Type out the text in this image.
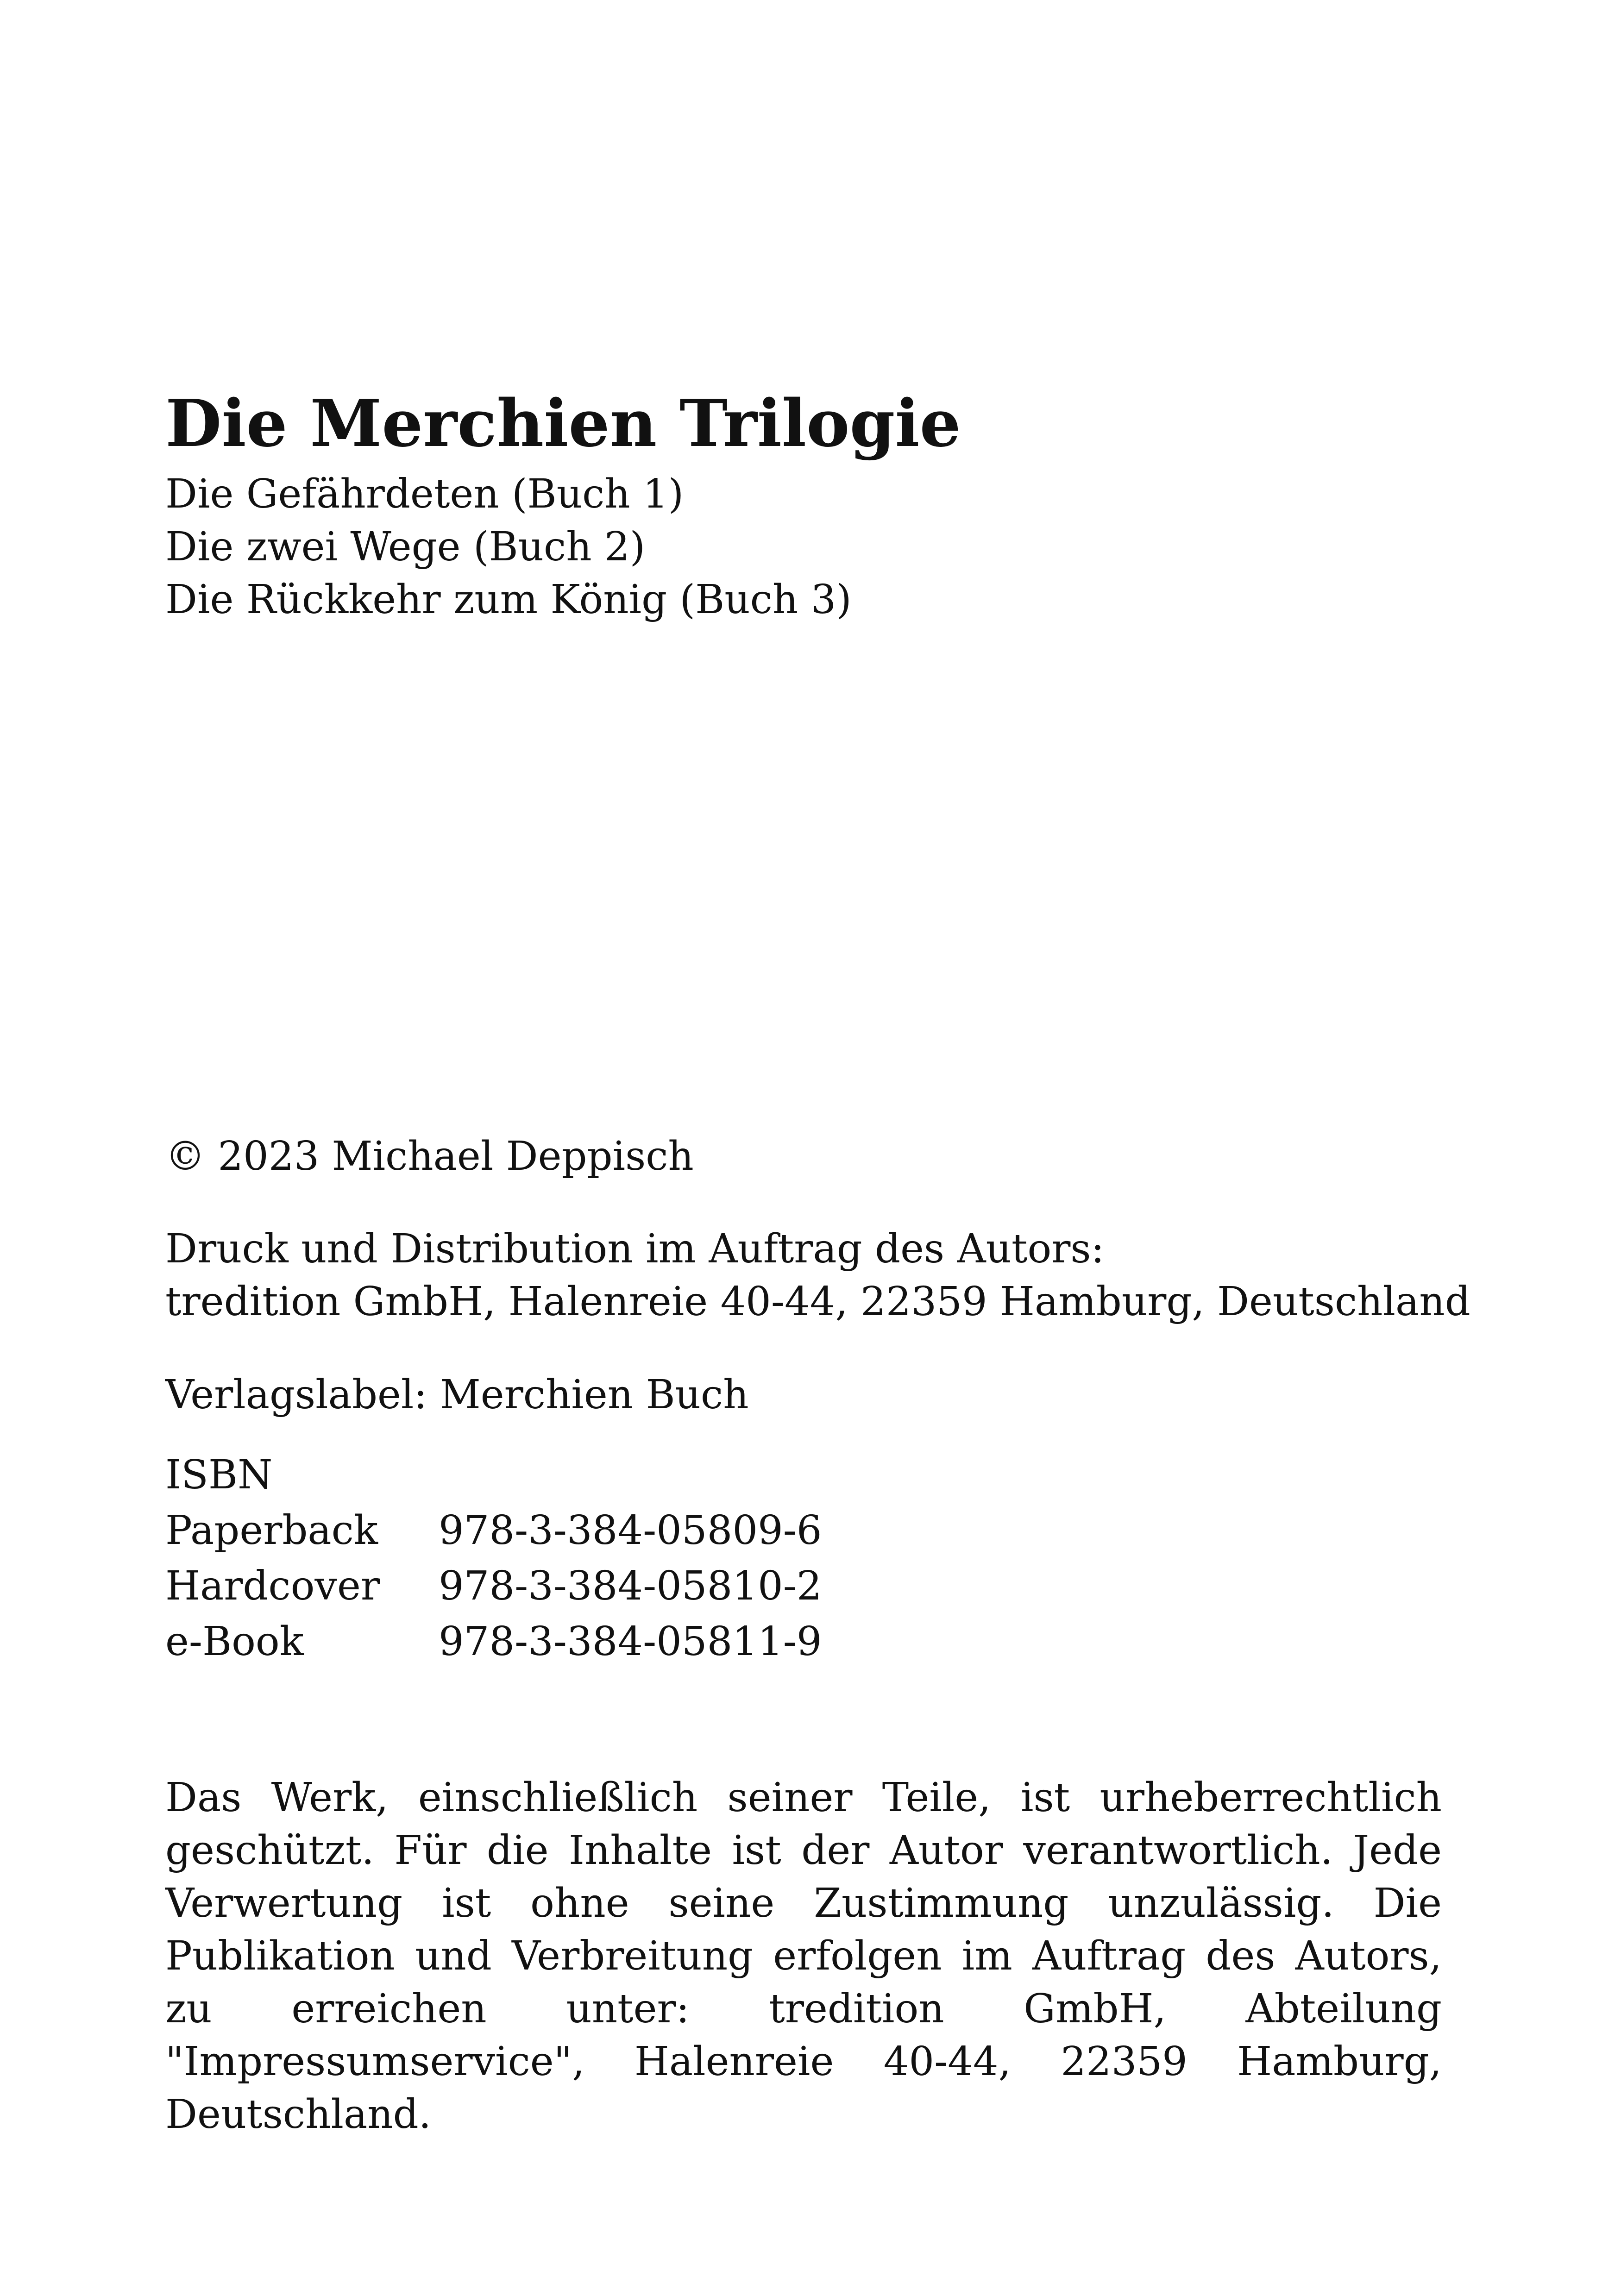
Die Merchien Trilogie
Die Gefährdeten (Buch 1)
Die zwei Wege (Buch 2)
Die Rückkehr zum König (Buch 3)
© 2023 Michael Deppisch
Druck und Distribution im Auftrag des Autors:
tredition GmbH, Halenreie 40-44, 22359 Hamburg, Deutschland
Verlagslabel: Merchien Buch
ISBN
Paperback	978-3-384-05809-6
Hardcover	978-3-384-05810-2
e-Book	978-3-384-05811-9
Das Werk, einschließlich seiner Teile, ist urheberrechtlich geschützt. Für die Inhalte ist der Autor verantwortlich. Jede Verwertung ist ohne seine Zustimmung unzulässig. Die Publikation und Verbreitung erfolgen im Auftrag des Autors, zu erreichen unter: tredition GmbH, Abteilung "Impressumservice", Halenreie 40-44, 22359 Hamburg, Deutschland.
